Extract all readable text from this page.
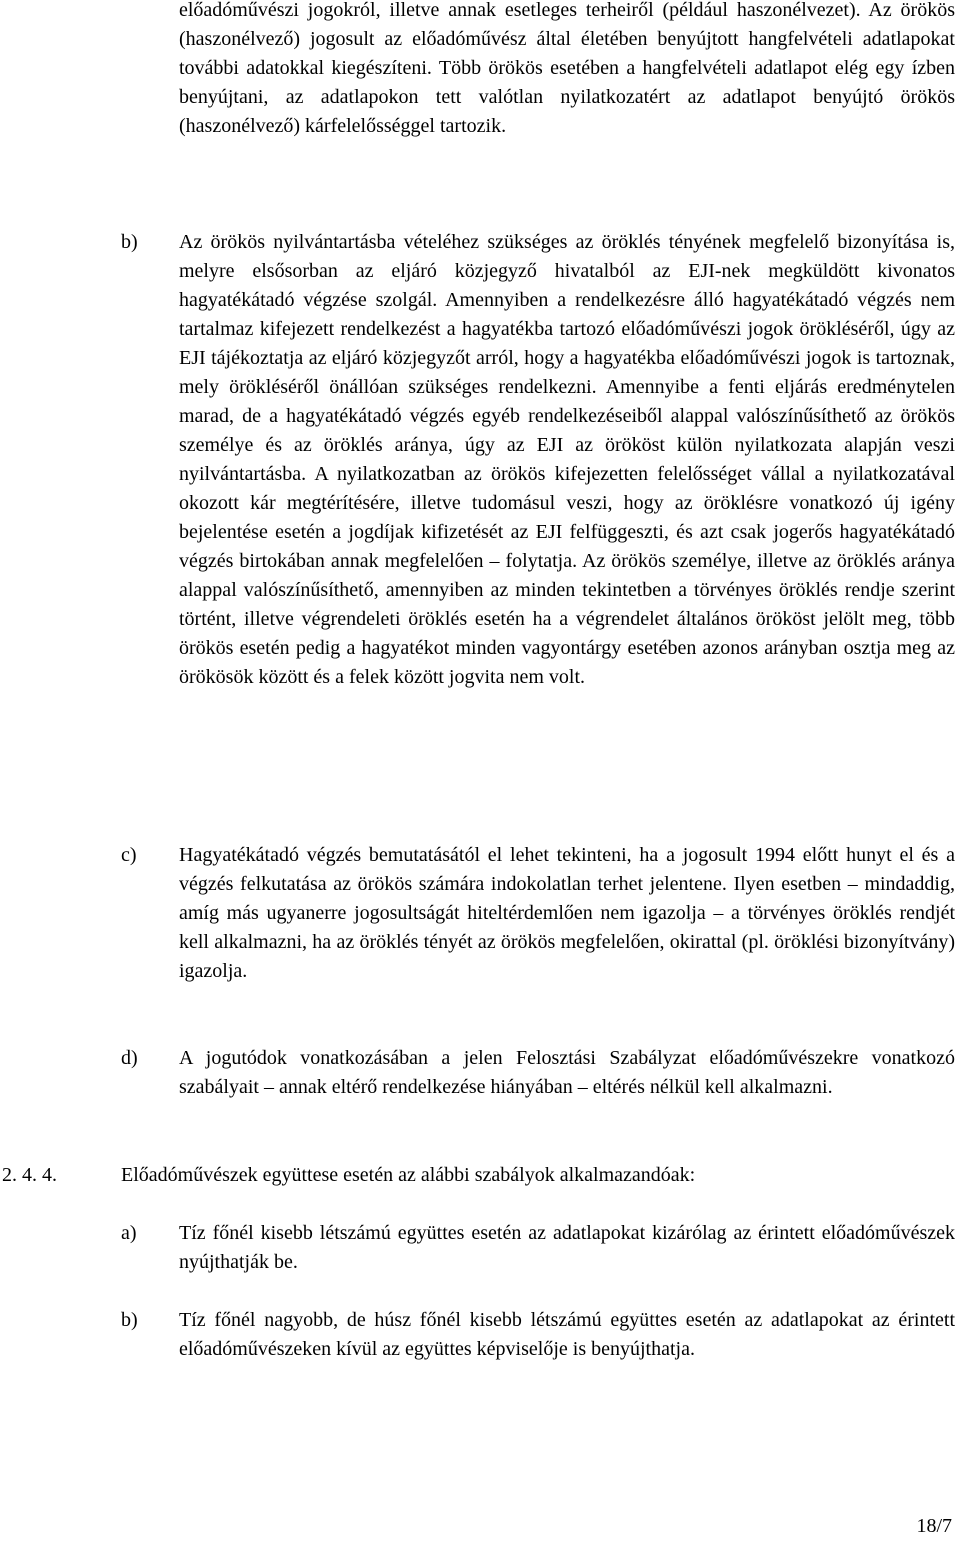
előadóművészi jogokról, illetve annak esetleges terheiről (például haszonélvezet). Az örökös (haszonélvező) jogosult az előadóművész által életében benyújtott hangfelvételi adatlapokat további adatokkal kiegészíteni. Több örökös esetében a hangfelvételi adatlapot elég egy ízben benyújtani, az adatlapokon tett valótlan nyilatkozatért az adatlapot benyújtó örökös (haszonélvező) kárfelelősséggel tartozik.

b) Az örökös nyilvántartásba vételéhez szükséges az öröklés tényének megfelelő bizonyítása is, melyre elsősorban az eljáró közjegyző hivatalból az EJI-nek megküldött kivonatos hagyatékátadó végzése szolgál. Amennyiben a rendelkezésre álló hagyatékátadó végzés nem tartalmaz kifejezett rendelkezést a hagyatékba tartozó előadóművészi jogok örökléséről, úgy az EJI tájékoztatja az eljáró közjegyzőt arról, hogy a hagyatékba előadóművészi jogok is tartoznak, mely örökléséről önállóan szükséges rendelkezni. Amennyibe a fenti eljárás eredménytelen marad, de a hagyatékátadó végzés egyéb rendelkezéseiből alappal valószínűsíthető az örökös személye és az öröklés aránya, úgy az EJI az örököst külön nyilatkozata alapján veszi nyilvántartásba. A nyilatkozatban az örökös kifejezetten felelősséget vállal a nyilatkozatával okozott kár megtérítésére, illetve tudomásul veszi, hogy az öröklésre vonatkozó új igény bejelentése esetén a jogdíjak kifizetését az EJI felfüggeszti, és azt csak jogerős hagyatékátadó végzés birtokában annak megfelelően – folytatja. Az örökös személye, illetve az öröklés aránya alappal valószínűsíthető, amennyiben az minden tekintetben a törvényes öröklés rendje szerint történt, illetve végrendeleti öröklés esetén ha a végrendelet általános örököst jelölt meg, több örökös esetén pedig a hagyatékot minden vagyontárgy esetében azonos arányban osztja meg az örökösök között és a felek között jogvita nem volt.

c) Hagyatékátadó végzés bemutatásától el lehet tekinteni, ha a jogosult 1994 előtt hunyt el és a végzés felkutatása az örökös számára indokolatlan terhet jelentene. Ilyen esetben – mindaddig, amíg más ugyanerre jogosultságát hiteltérdemlően nem igazolja – a törvényes öröklés rendjét kell alkalmazni, ha az öröklés tényét az örökös megfelelően, okirattal (pl. öröklési bizonyítvány) igazolja.

d) A jogutódok vonatkozásában a jelen Felosztási Szabályzat előadóművészekre vonatkozó szabályait – annak eltérő rendelkezése hiányában – eltérés nélkül kell alkalmazni.

2. 4. 4.	Előadóművészek együttese esetén az alábbi szabályok alkalmazandóak:

a) Tíz főnél kisebb létszámú együttes esetén az adatlapokat kizárólag az érintett előadóművészek nyújthatják be.

b) Tíz főnél nagyobb, de húsz főnél kisebb létszámú együttes esetén az adatlapokat az érintett előadóművészeken kívül az együttes képviselője is benyújthatja.

18/7
